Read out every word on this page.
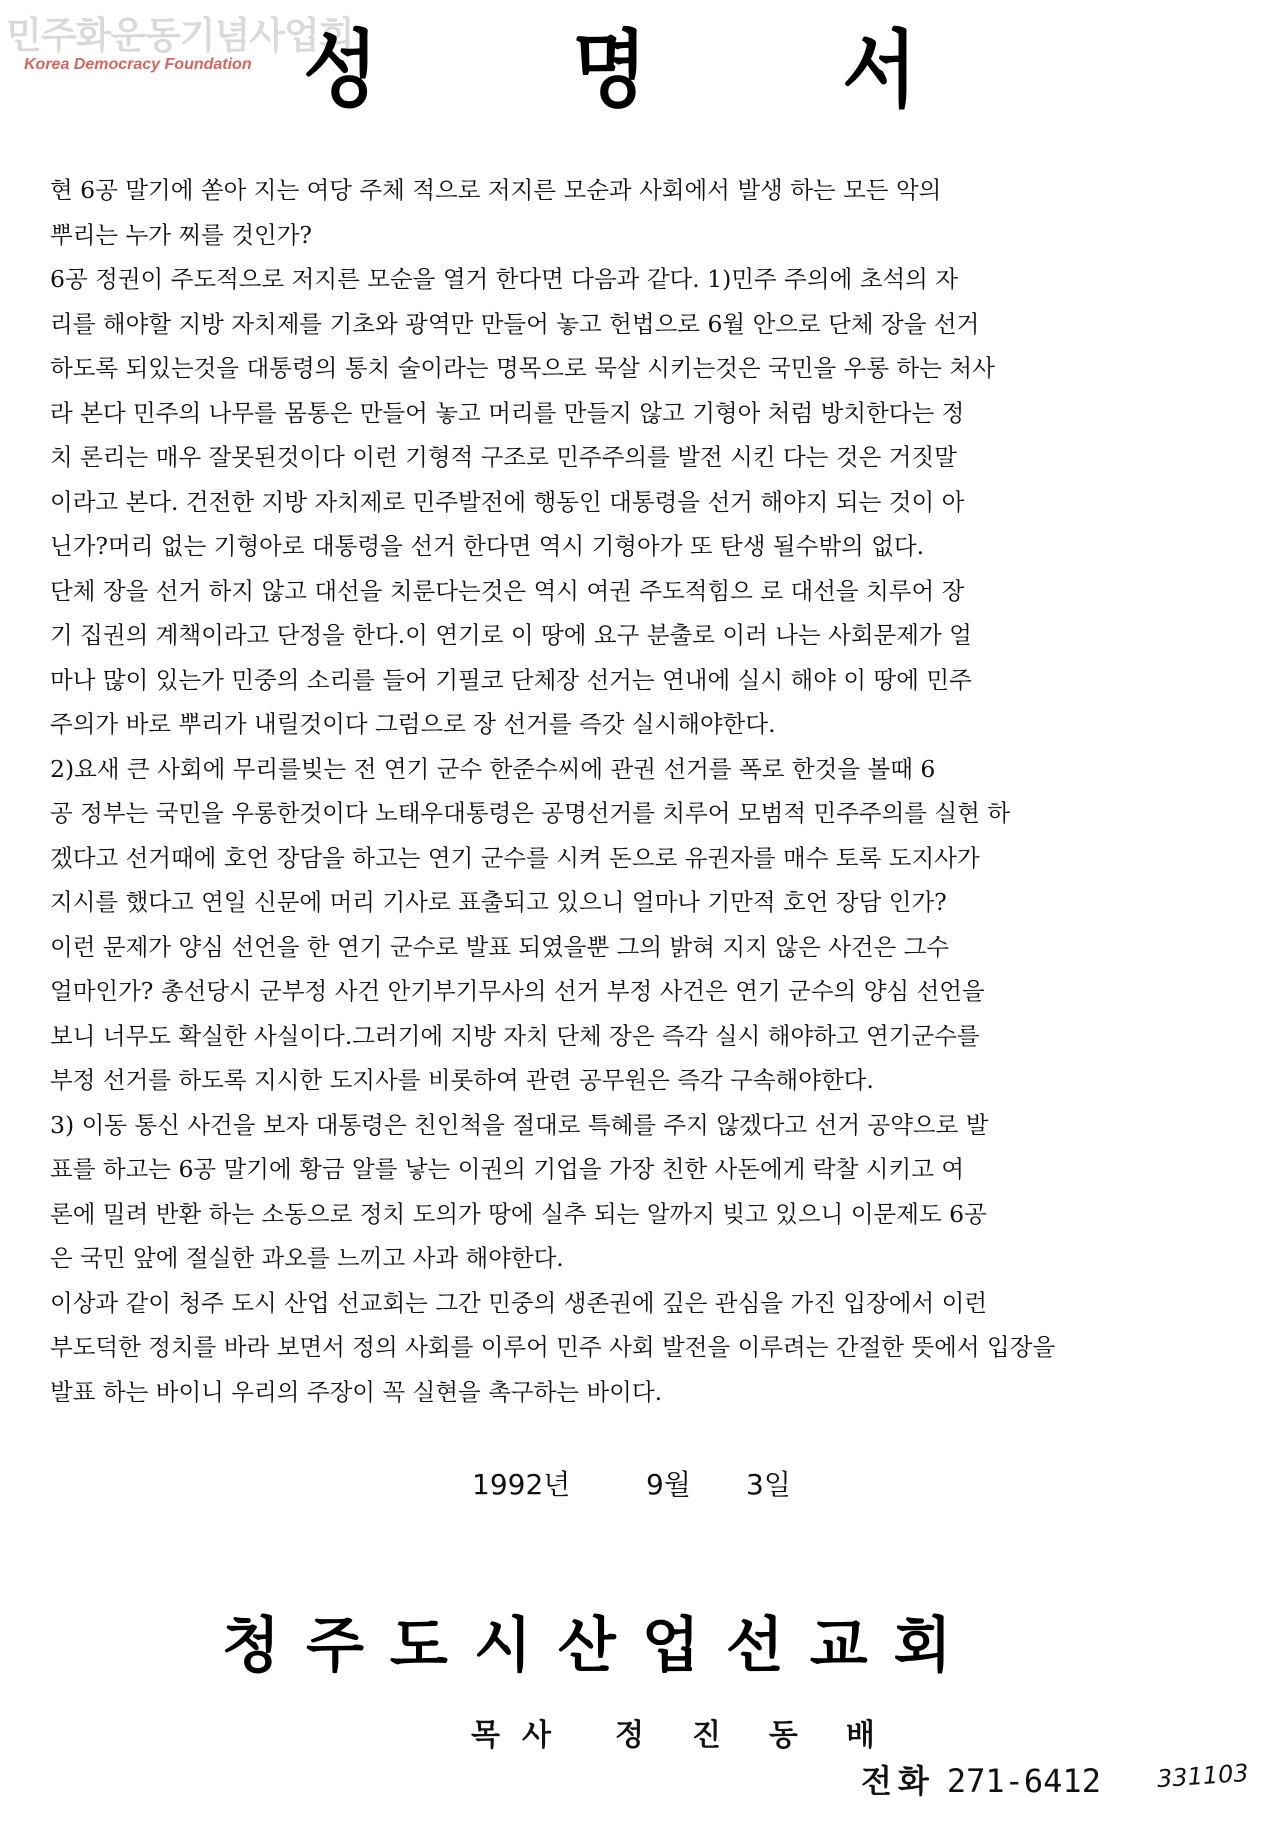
민주화운동기념사업회
Korea Democracy Foundation 성 명 서
현 6공 말기에 쏟아 지는 여당 주체 적으로 저지른 모순과 사회에서 발생 하는 모든 악의
뿌리는 누가 찌를 것인가?
6공 정권이 주도적으로 저지른 모순을 열거 한다면 다음과 같다. 1)민주 주의에 초석의 자
리를 해야할 지방 자치제를 기초와 광역만 만들어 놓고 헌법으로 6월 안으로 단체 장을 선거
하도록 되있는것을 대통령의 통치 술이라는 명목으로 묵살 시키는것은 국민을 우롱 하는 처사
라 본다 민주의 나무를 몸통은 만들어 놓고 머리를 만들지 않고 기형아 처럼 방치한다는 정
치 론리는 매우 잘못된것이다 이런 기형적 구조로 민주주의를 발전 시킨 다는 것은 거짓말
이라고 본다. 건전한 지방 자치제로 민주발전에 행동인 대통령을 선거 해야지 되는 것이 아
닌가?머리 없는 기형아로 대통령을 선거 한다면 역시 기형아가 또 탄생 될수밖의 없다.
단체 장을 선거 하지 않고 대선을 치룬다는것은 역시 여권 주도적힘으 로 대선을 치루어 장
기 집권의 계책이라고 단정을 한다.이 연기로 이 땅에 요구 분출로 이러 나는 사회문제가 얼
마나 많이 있는가 민중의 소리를 들어 기필코 단체장 선거는 연내에 실시 해야 이 땅에 민주
주의가 바로 뿌리가 내릴것이다 그럼으로 장 선거를 즉갓 실시해야한다.
2)요새 큰 사회에 무리를빚는 전 연기 군수 한준수씨에 관권 선거를 폭로 한것을 볼때 6
공 정부는 국민을 우롱한것이다 노태우대통령은 공명선거를 치루어 모범적 민주주의를 실현 하
겠다고 선거때에 호언 장담을 하고는 연기 군수를 시켜 돈으로 유권자를 매수 토록 도지사가
지시를 했다고 연일 신문에 머리 기사로 표출되고 있으니 얼마나 기만적 호언 장담 인가?
이런 문제가 양심 선언을 한 연기 군수로 발표 되였을뿐 그의 밝혀 지지 않은 사건은 그수
얼마인가? 총선당시 군부정 사건 안기부기무사의 선거 부정 사건은 연기 군수의 양심 선언을
보니 너무도 확실한 사실이다.그러기에 지방 자치 단체 장은 즉각 실시 해야하고 연기군수를
부정 선거를 하도록 지시한 도지사를 비롯하여 관련 공무원은 즉각 구속해야한다.
3) 이동 통신 사건을 보자 대통령은 친인척을 절대로 특혜를 주지 않겠다고 선거 공약으로 발
표를 하고는 6공 말기에 황금 알를 낳는 이권의 기업을 가장 친한 사돈에게 락찰 시키고 여
론에 밀려 반환 하는 소동으로 정치 도의가 땅에 실추 되는 알까지 빚고 있으니 이문제도 6공
은 국민 앞에 절실한 과오를 느끼고 사과 해야한다.
이상과 같이 청주 도시 산업 선교회는 그간 민중의 생존권에 깊은 관심을 가진 입장에서 이런
부도덕한 정치를 바라 보면서 정의 사회를 이루어 민주 사회 발전을 이루려는 간절한 뜻에서 입장을
발표 하는 바이니 우리의 주장이 꼭 실현을 촉구하는 바이다.
1992년	9월 3일
청주도시산업선교회
목사 정진동배
전화 271-6412 331103
